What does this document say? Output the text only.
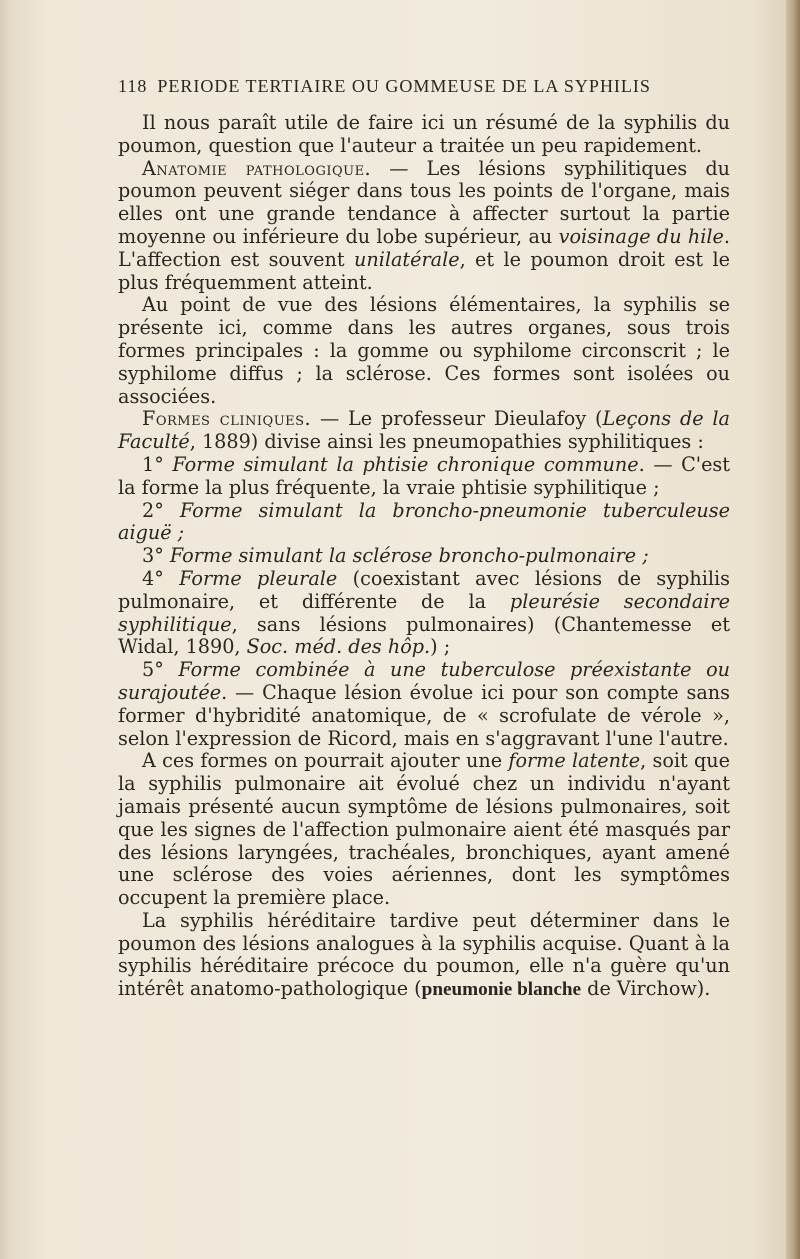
118 PERIODE TERTIAIRE OU GOMMEUSE DE LA SYPHILIS

Il nous paraît utile de faire ici un résumé de la syphilis du poumon, question que l'auteur a traitée un peu rapidement.

Anatomie pathologique. — Les lésions syphilitiques du poumon peuvent siéger dans tous les points de l'organe, mais elles ont une grande tendance à affecter surtout la partie moyenne ou inférieure du lobe supérieur, au voisinage du hile. L'affection est souvent unilatérale, et le poumon droit est le plus fréquemment atteint.

Au point de vue des lésions élémentaires, la syphilis se présente ici, comme dans les autres organes, sous trois formes principales : la gomme ou syphilome circonscrit ; le syphilome diffus ; la sclérose. Ces formes sont isolées ou associées.

Formes cliniques. — Le professeur Dieulafoy (Leçons de la Faculté, 1889) divise ainsi les pneumopathies syphilitiques :

1° Forme simulant la phtisie chronique commune. — C'est la forme la plus fréquente, la vraie phtisie syphilitique ;

2° Forme simulant la broncho-pneumonie tuberculeuse aiguë ;

3° Forme simulant la sclérose broncho-pulmonaire ;

4° Forme pleurale (coexistant avec lésions de syphilis pulmonaire, et différente de la pleurésie secondaire syphilitique, sans lésions pulmonaires) (Chantemesse et Widal, 1890, Soc. méd. des hôp.) ;

5° Forme combinée à une tuberculose préexistante ou surajoutée. — Chaque lésion évolue ici pour son compte sans former d'hybridité anatomique, de « scrofulate de vérole », selon l'expression de Ricord, mais en s'aggravant l'une l'autre.

A ces formes on pourrait ajouter une forme latente, soit que la syphilis pulmonaire ait évolué chez un individu n'ayant jamais présenté aucun symptôme de lésions pulmonaires, soit que les signes de l'affection pulmonaire aient été masqués par des lésions laryngées, trachéales, bronchiques, ayant amené une sclérose des voies aériennes, dont les symptômes occupent la première place.

La syphilis héréditaire tardive peut déterminer dans le poumon des lésions analogues à la syphilis acquise. Quant à la syphilis héréditaire précoce du poumon, elle n'a guère qu'un intérêt anatomo-pathologique (pneumonie blanche de Virchow).
